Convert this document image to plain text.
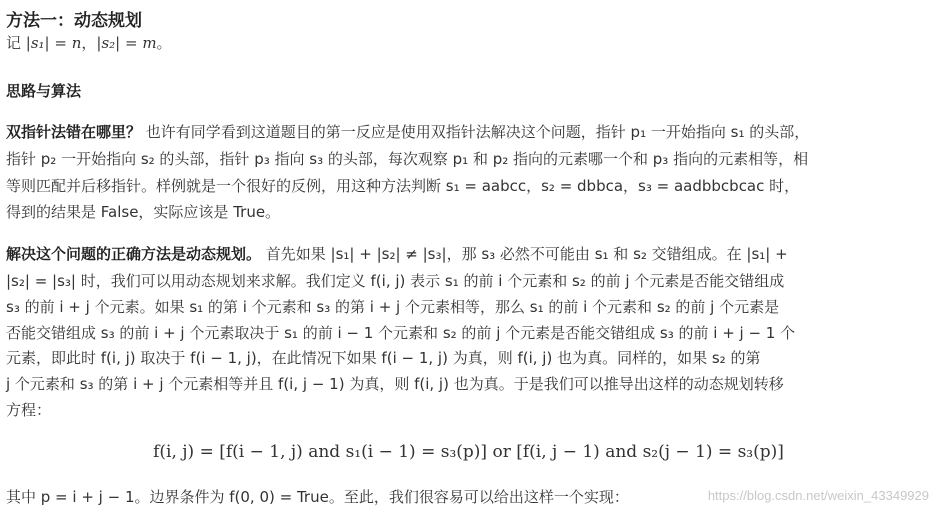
方法一：动态规划
记 |s₁| = n，|s₂| = m。
思路与算法
双指针法错在哪里？ 也许有同学看到这道题目的第一反应是使用双指针法解决这个问题，指针 p₁ 一开始指向 s₁ 的头部，
指针 p₂ 一开始指向 s₂ 的头部，指针 p₃ 指向 s₃ 的头部，每次观察 p₁ 和 p₂ 指向的元素哪一个和 p₃ 指向的元素相等，相
等则匹配并后移指针。样例就是一个很好的反例，用这种方法判断 s₁ = aabcc，s₂ = dbbca，s₃ = aadbbcbcac 时，
得到的结果是 False，实际应该是 True。
解决这个问题的正确方法是动态规划。 首先如果 |s₁| + |s₂| ≠ |s₃|，那 s₃ 必然不可能由 s₁ 和 s₂ 交错组成。在 |s₁| +
|s₂| = |s₃| 时，我们可以用动态规划来求解。我们定义 f(i, j) 表示 s₁ 的前 i 个元素和 s₂ 的前 j 个元素是否能交错组成
s₃ 的前 i + j 个元素。如果 s₁ 的第 i 个元素和 s₃ 的第 i + j 个元素相等，那么 s₁ 的前 i 个元素和 s₂ 的前 j 个元素是
否能交错组成 s₃ 的前 i + j 个元素取决于 s₁ 的前 i − 1 个元素和 s₂ 的前 j 个元素是否能交错组成 s₃ 的前 i + j − 1 个
元素，即此时 f(i, j) 取决于 f(i − 1, j)，在此情况下如果 f(i − 1, j) 为真，则 f(i, j) 也为真。同样的，如果 s₂ 的第
j 个元素和 s₃ 的第 i + j 个元素相等并且 f(i, j − 1) 为真，则 f(i, j) 也为真。于是我们可以推导出这样的动态规划转移
方程：
f(i, j) = [f(i − 1, j) and s₁(i − 1) = s₃(p)] or [f(i, j − 1) and s₂(j − 1) = s₃(p)]
其中 p = i + j − 1。边界条件为 f(0, 0) = True。至此，我们很容易可以给出这样一个实现：	https://blog.csdn.net/weixin_43349929
